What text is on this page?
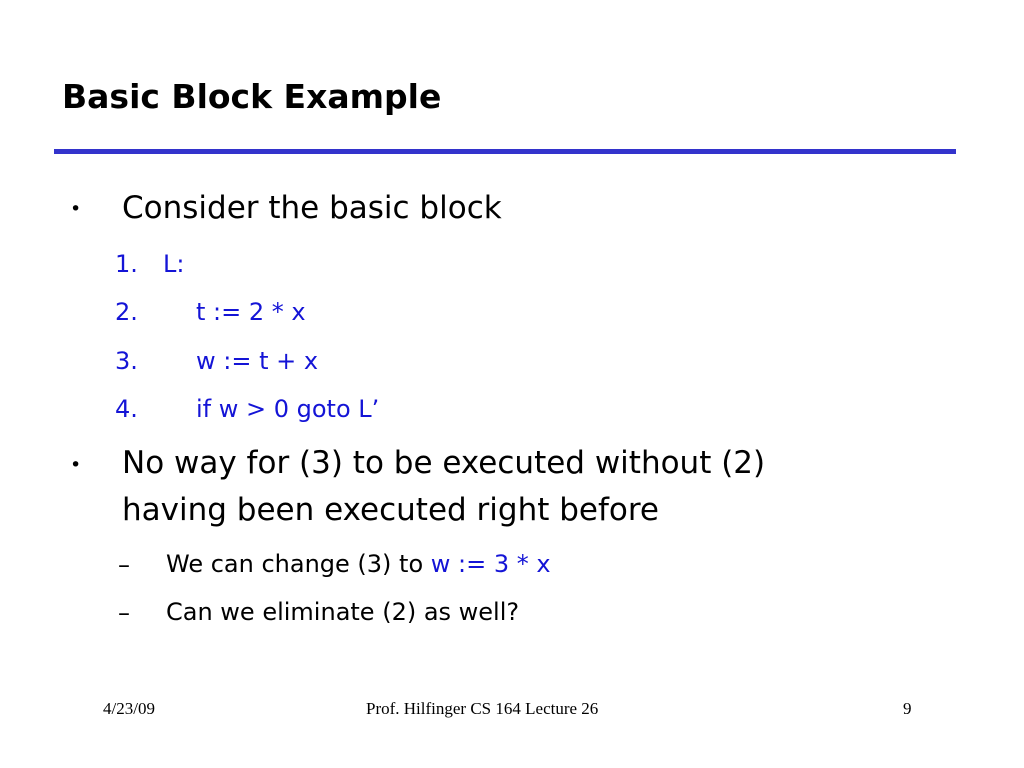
Basic Block Example
• Consider the basic block
1. L:
2. t := 2 * x
3. w := t + x
4. if w > 0 goto L’
• No way for (3) to be executed without (2)
having been executed right before
– We can change (3) to w := 3 * x
– Can we eliminate (2) as well?
4/23/09	Prof. Hilfinger CS 164 Lecture 26	9
